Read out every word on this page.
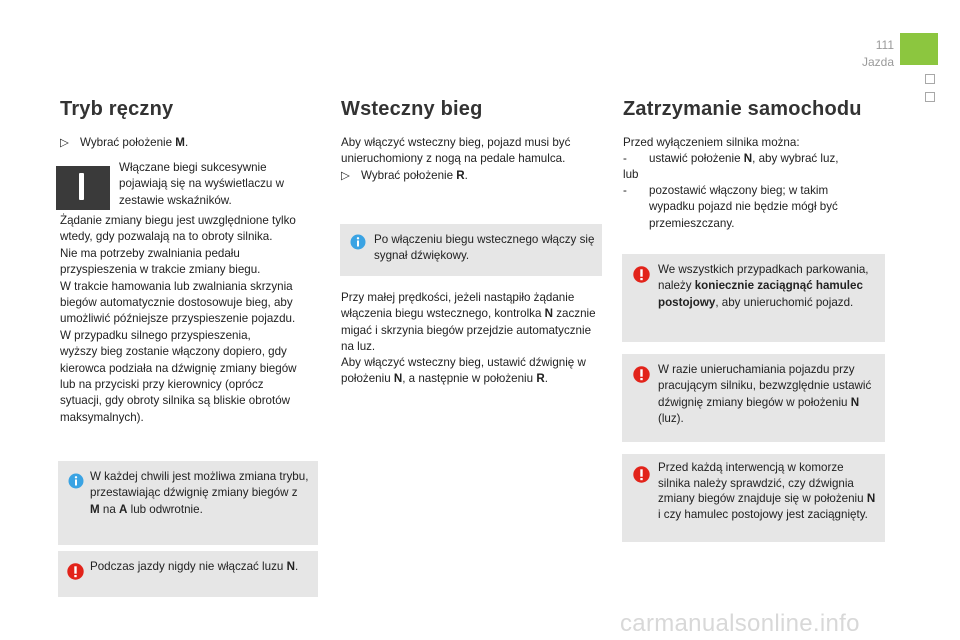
111
Jazda
Tryb ręczny
▷ Wybrać położenie M.
Włączane biegi sukcesywnie pojawiają się na wyświetlaczu w zestawie wskaźników.
Żądanie zmiany biegu jest uwzględnione tylko
wtedy, gdy pozwalają na to obroty silnika.
Nie ma potrzeby zwalniania pedału
przyspieszenia w trakcie zmiany biegu.
W trakcie hamowania lub zwalniania skrzynia
biegów automatycznie dostosowuje bieg, aby
umożliwić późniejsze przyspieszenie pojazdu.
W przypadku silnego przyspieszenia,
wyższy bieg zostanie włączony dopiero, gdy
kierowca podziała na dźwignię zmiany biegów
lub na przyciski przy kierownicy (oprócz
sytuacji, gdy obroty silnika są bliskie obrotów
maksymalnych).
W każdej chwili jest możliwa zmiana trybu, przestawiając dźwignię zmiany biegów z M na A lub odwrotnie.
Podczas jazdy nigdy nie włączać luzu N.
Wsteczny bieg
Aby włączyć wsteczny bieg, pojazd musi być unieruchomiony z nogą na pedale hamulca.
▷ Wybrać położenie R.
Po włączeniu biegu wstecznego włączy się sygnał dźwiękowy.
Przy małej prędkości, jeżeli nastąpiło żądanie włączenia biegu wstecznego, kontrolka N zacznie migać i skrzynia biegów przejdzie automatycznie na luz.
Aby włączyć wsteczny bieg, ustawić dźwignię w położeniu N, a następnie w położeniu R.
Zatrzymanie samochodu
Przed wyłączeniem silnika można:
-	ustawić położenie N, aby wybrać luz,
lub
-	pozostawić włączony bieg; w takim wypadku pojazd nie będzie mógł być przemieszczany.
We wszystkich przypadkach parkowania, należy koniecznie zaciągnąć hamulec postojowy, aby unieruchomić pojazd.
W razie unieruchamiania pojazdu przy pracującym silniku, bezwzględnie ustawić dźwignię zmiany biegów w położeniu N (luz).
Przed każdą interwencją w komorze silnika należy sprawdzić, czy dźwignia zmiany biegów znajduje się w położeniu N i czy hamulec postojowy jest zaciągnięty.
carmanualsonline.info
